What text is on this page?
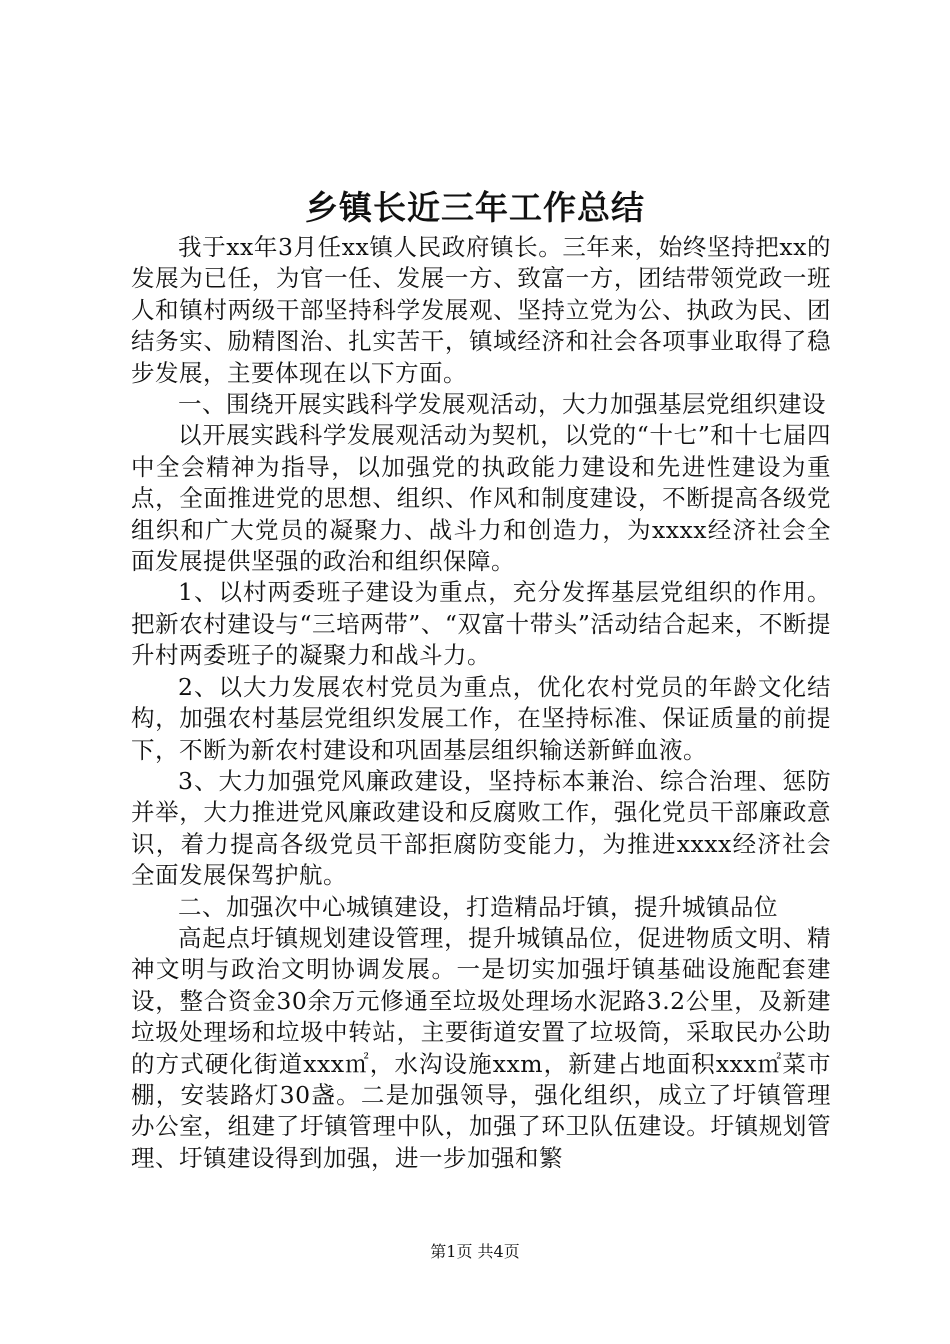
乡镇长近三年工作总结

我于xx年3月任xx镇人民政府镇长。三年来，始终坚持把xx的发展为已任，为官一任、发展一方、致富一方，团结带领党政一班人和镇村两级干部坚持科学发展观、坚持立党为公、执政为民、团结务实、励精图治、扎实苦干，镇域经济和社会各项事业取得了稳步发展，主要体现在以下方面。

一、围绕开展实践科学发展观活动，大力加强基层党组织建设

以开展实践科学发展观活动为契机，以党的“十七”和十七届四中全会精神为指导，以加强党的执政能力建设和先进性建设为重点，全面推进党的思想、组织、作风和制度建设，不断提高各级党组织和广大党员的凝聚力、战斗力和创造力，为xxxx经济社会全面发展提供坚强的政治和组织保障。

1、以村两委班子建设为重点，充分发挥基层党组织的作用。把新农村建设与“三培两带”、“双富十带头”活动结合起来，不断提升村两委班子的凝聚力和战斗力。

2、以大力发展农村党员为重点，优化农村党员的年龄文化结构，加强农村基层党组织发展工作，在坚持标准、保证质量的前提下，不断为新农村建设和巩固基层组织输送新鲜血液。

3、大力加强党风廉政建设，坚持标本兼治、综合治理、惩防并举，大力推进党风廉政建设和反腐败工作，强化党员干部廉政意识，着力提高各级党员干部拒腐防变能力，为推进xxxx经济社会全面发展保驾护航。

二、加强次中心城镇建设，打造精品圩镇，提升城镇品位

高起点圩镇规划建设管理，提升城镇品位，促进物质文明、精神文明与政治文明协调发展。一是切实加强圩镇基础设施配套建设，整合资金30余万元修通至垃圾处理场水泥路3.2公里，及新建垃圾处理场和垃圾中转站，主要街道安置了垃圾筒，采取民办公助的方式硬化街道xxx㎡，水沟设施xxm，新建占地面积xxx㎡菜市棚，安装路灯30盏。二是加强领导，强化组织，成立了圩镇管理办公室，组建了圩镇管理中队，加强了环卫队伍建设。圩镇规划管理、圩镇建设得到加强，进一步加强和繁

第1页 共4页
